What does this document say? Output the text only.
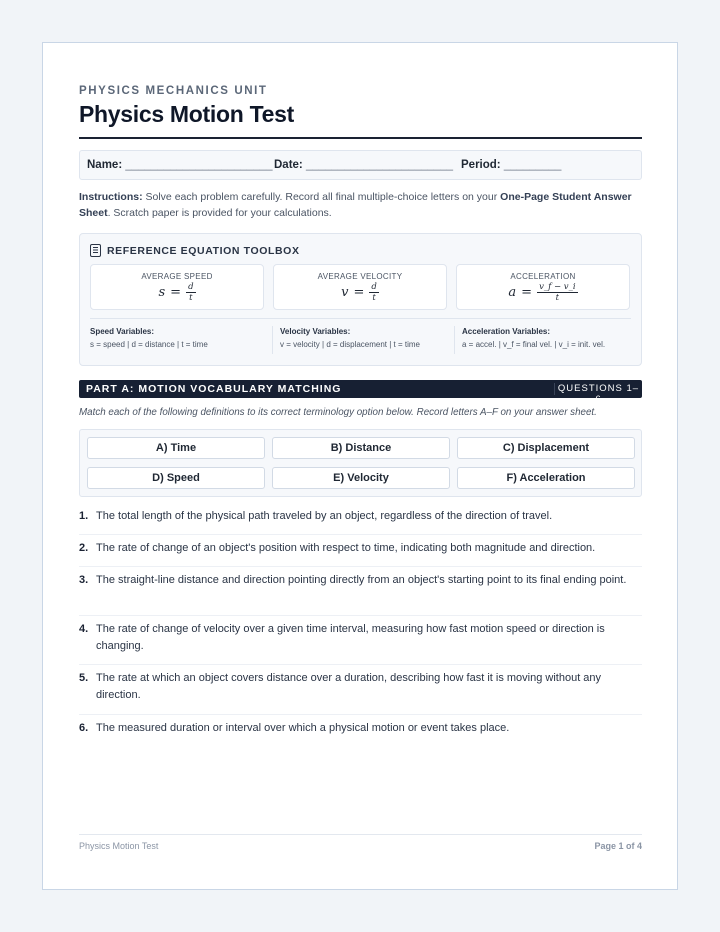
PHYSICS MECHANICS UNIT
Physics Motion Test
Name: _______________________ Date: _______________________ Period: _________
Instructions: Solve each problem carefully. Record all final multiple-choice letters on your One-Page Student Answer Sheet. Scratch paper is provided for your calculations.
REFERENCE EQUATION TOOLBOX
AVERAGE SPEED
$s = \frac{d}{t}$
AVERAGE VELOCITY
$v = \frac{d}{t}$
ACCELERATION
$a = \frac{v\_f - v\_i}{t}$
Speed Variables:
s = speed | d = distance | t = time
Velocity Variables:
v = velocity | d = displacement | t = time
Acceleration Variables:
a = accel. | v_f = final vel. | v_i = init. vel.
PART A: MOTION VOCABULARY MATCHING	QUESTIONS 1–6
Match each of the following definitions to its correct terminology option below. Record letters A–F on your answer sheet.
A) Time	B) Distance	C) Displacement
D) Speed	E) Velocity	F) Acceleration
1. The total length of the physical path traveled by an object, regardless of the direction of travel.
2. The rate of change of an object's position with respect to time, indicating both magnitude and direction.
3. The straight-line distance and direction pointing directly from an object's starting point to its final ending point.
4. The rate of change of velocity over a given time interval, measuring how fast motion speed or direction is changing.
5. The rate at which an object covers distance over a duration, describing how fast it is moving without any direction.
6. The measured duration or interval over which a physical motion or event takes place.
Physics Motion Test	Page 1 of 4
